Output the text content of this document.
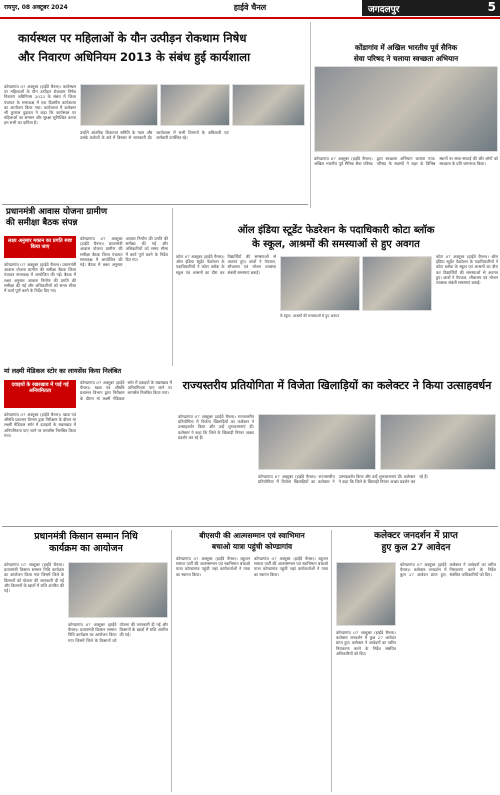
रायपुर, 08 अक्टूबर 2024	हाईवे चैनल	जगदलपुर	5
कार्यस्थल पर महिलाओं के यौन उत्पीड़न रोकथाम निषेध
और निवारण अधिनियम 2013 के संबंध हुई कार्यशाला
कोण्डागांव 07 अक्टूबर (हाईवे चैनल)। कार्यस्थल पर महिलाओं के यौन उत्पीड़न रोकथाम निषेध निवारण अधिनियम 2013 के संबंध में जिला पंचायत के सभाकक्ष में एक दिवसीय कार्यशाला का आयोजन किया गया। कार्यशाला में कलेक्टर श्री कुणाल दुदावत ने कहा कि कार्यस्थल पर महिलाओं का सम्मान और सुरक्षा सुनिश्चित करना हम सभी का दायित्व है।
उन्होंने आंतरिक शिकायत समिति के गठन और उसके कर्तव्यों के बारे में विस्तार से जानकारी दी। कार्यशाला में सभी विभागों के अधिकारी एवं कर्मचारी उपस्थित रहे।
कोंडागांव में अखिल भारतीय पूर्व सैनिक
सेवा परिषद ने चलाया स्वच्छता अभियान
कोण्डागांव 07 अक्टूबर (हाईवे चैनल)। अखिल भारतीय पूर्व सैनिक सेवा परिषद द्वारा स्वच्छता अभियान चलाया गया। परिषद के सदस्यों ने शहर के विभिन्न स्थानों पर साफ-सफाई की और लोगों को स्वच्छता के प्रति जागरूक किया।
प्रधानमंत्री आवास योजना ग्रामीण
की समीक्षा बैठक संपन्न
लक्ष्य अनुसार मकान का प्रगति स्पष्ट किया जाए
कोण्डागांव 07 अक्टूबर (हाईवे चैनल)। प्रधानमंत्री आवास योजना ग्रामीण की समीक्षा बैठक जिला पंचायत सभाकक्ष में आयोजित की गई। बैठक में लक्ष्य अनुसार आवास निर्माण की प्रगति की समीक्षा की गई और अधिकारियों को समय सीमा में कार्य पूर्ण करने के निर्देश दिए गए।
कोण्डागांव 07 अक्टूबर (हाईवे चैनल)। प्रधानमंत्री आवास योजना ग्रामीण की समीक्षा बैठक जिला पंचायत सभाकक्ष में आयोजित की गई। बैठक में लक्ष्य अनुसार आवास निर्माण की प्रगति की समीक्षा की गई और अधिकारियों को समय सीमा में कार्य पूर्ण करने के निर्देश दिए गए।
ऑल इंडिया स्टूडेंट फेडरेशन के पदाधिकारी कोटा ब्लॉक
के स्कूल, आश्रमों की समस्याओं से हुए अवगत
कोटा 07 अक्टूबर (हाईवे चैनल)। ऑल इंडिया स्टूडेंट फेडरेशन के पदाधिकारियों ने कोटा ब्लॉक के स्कूल एवं आश्रमों का दौरा कर विद्यार्थियों की समस्याओं से अवगत हुए। छात्रों ने पेयजल, शौचालय एवं भोजन व्यवस्था संबंधी समस्याएं बताईं।
कोटा 07 अक्टूबर (हाईवे चैनल)। ऑल इंडिया स्टूडेंट फेडरेशन के पदाधिकारियों ने कोटा ब्लॉक के स्कूल एवं आश्रमों का दौरा कर विद्यार्थियों की समस्याओं से अवगत हुए। छात्रों ने पेयजल, शौचालय एवं भोजन व्यवस्था संबंधी समस्याएं बताईं।
के स्कूल, आश्रमों की समस्याओं से हुए अवगत
मां लक्ष्मी मेडिकल स्टोर का लायसेंस किया निलंबित
दवाइयों के रखरखाव में पाई गई अनियमितता
कोण्डागांव 07 अक्टूबर (हाईवे चैनल)। खाद्य एवं औषधि प्रशासन विभाग द्वारा निरीक्षण के दौरान मां लक्ष्मी मेडिकल स्टोर में दवाइयों के रखरखाव में अनियमितता पाए जाने पर लायसेंस निलंबित किया गया।
कोण्डागांव 07 अक्टूबर (हाईवे चैनल)। खाद्य एवं औषधि प्रशासन विभाग द्वारा निरीक्षण के दौरान मां लक्ष्मी मेडिकल स्टोर में दवाइयों के रखरखाव में अनियमितता पाए जाने पर लायसेंस निलंबित किया गया।
राज्यस्तरीय प्रतियोगिता में विजेता खिलाड़ियों का कलेक्टर ने किया उत्साहवर्धन
कोण्डागांव 07 अक्टूबर (हाईवे चैनल)। राज्यस्तरीय प्रतियोगिता में विजेता खिलाड़ियों का कलेक्टर ने उत्साहवर्धन किया और उन्हें शुभकामनाएं दीं। कलेक्टर ने कहा कि जिले के खिलाड़ी निरंतर अच्छा प्रदर्शन कर रहे हैं।
कोण्डागांव 07 अक्टूबर (हाईवे चैनल)। राज्यस्तरीय प्रतियोगिता में विजेता खिलाड़ियों का कलेक्टर ने उत्साहवर्धन किया और उन्हें शुभकामनाएं दीं। कलेक्टर ने कहा कि जिले के खिलाड़ी निरंतर अच्छा प्रदर्शन कर रहे हैं।
प्रधानमंत्री किसान सम्मान निधि
कार्यक्रम का आयोजन
कोण्डागांव 07 अक्टूबर (हाईवे चैनल)। प्रधानमंत्री किसान सम्मान निधि कार्यक्रम का आयोजन किया गया जिसमें जिले के किसानों को योजना की जानकारी दी गई और किसानों के खातों में राशि अंतरित की गई।
कोण्डागांव 07 अक्टूबर (हाईवे चैनल)। प्रधानमंत्री किसान सम्मान निधि कार्यक्रम का आयोजन किया गया जिसमें जिले के किसानों को योजना की जानकारी दी गई और किसानों के खातों में राशि अंतरित की गई।
बीएसपी की आत्मसम्मान एवं स्वाभिमान
बचाओ यात्रा पहुंची कोण्डागांव
कोण्डागांव 07 अक्टूबर (हाईवे चैनल)। बहुजन समाज पार्टी की आत्मसम्मान एवं स्वाभिमान बचाओ यात्रा कोण्डागांव पहुंची जहां कार्यकर्ताओं ने यात्रा का स्वागत किया।
कोण्डागांव 07 अक्टूबर (हाईवे चैनल)। बहुजन समाज पार्टी की आत्मसम्मान एवं स्वाभिमान बचाओ यात्रा कोण्डागांव पहुंची जहां कार्यकर्ताओं ने यात्रा का स्वागत किया।
कलेक्टर जनदर्शन में प्राप्त
हुए कुल 27 आवेदन
कोण्डागांव 07 अक्टूबर (हाईवे चैनल)। कलेक्टर जनदर्शन में कुल 27 आवेदन प्राप्त हुए। कलेक्टर ने आवेदनों का त्वरित निराकरण करने के निर्देश संबंधित अधिकारियों को दिए।
कोण्डागांव 07 अक्टूबर (हाईवे चैनल)। कलेक्टर जनदर्शन में कुल 27 आवेदन प्राप्त हुए। कलेक्टर ने आवेदनों का त्वरित निराकरण करने के निर्देश संबंधित अधिकारियों को दिए।
